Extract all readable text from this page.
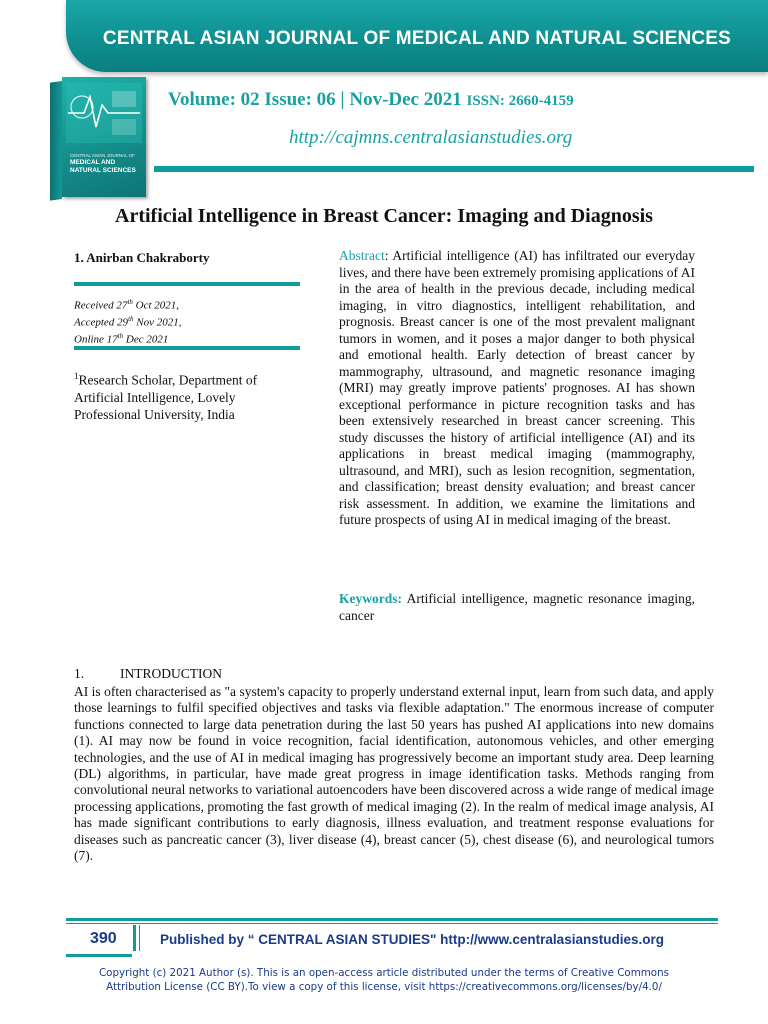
CENTRAL ASIAN JOURNAL OF MEDICAL AND NATURAL SCIENCES
CENTRAL ASIAN JOURNAL OF
MEDICAL AND
NATURAL SCIENCES
Volume: 02 Issue: 06 | Nov-Dec 2021 ISSN: 2660-4159
http://cajmns.centralasianstudies.org
Artificial Intelligence in Breast Cancer: Imaging and Diagnosis
1. Anirban Chakraborty
Received 27th Oct 2021,
Accepted 29th Nov 2021,
Online 17th Dec 2021
$^1$Research Scholar, Department of Artificial Intelligence, Lovely Professional University, India
Abstract: Artificial intelligence (AI) has infiltrated our everyday lives, and there have been extremely promising applications of AI in the area of health in the previous decade, including medical imaging, in vitro diagnostics, intelligent rehabilitation, and prognosis. Breast cancer is one of the most prevalent malignant tumors in women, and it poses a major danger to both physical and emotional health. Early detection of breast cancer by mammography, ultrasound, and magnetic resonance imaging (MRI) may greatly improve patients' prognoses. AI has shown exceptional performance in picture recognition tasks and has been extensively researched in breast cancer screening. This study discusses the history of artificial intelligence (AI) and its applications in breast medical imaging (mammography, ultrasound, and MRI), such as lesion recognition, segmentation, and classification; breast density evaluation; and breast cancer risk assessment. In addition, we examine the limitations and future prospects of using AI in medical imaging of the breast.
Keywords: Artificial intelligence, magnetic resonance imaging, cancer
1.	INTRODUCTION
AI is often characterised as "a system's capacity to properly understand external input, learn from such data, and apply those learnings to fulfil specified objectives and tasks via flexible adaptation." The enormous increase of computer functions connected to large data penetration during the last 50 years has pushed AI applications into new domains (1). AI may now be found in voice recognition, facial identification, autonomous vehicles, and other emerging technologies, and the use of AI in medical imaging has progressively become an important study area. Deep learning (DL) algorithms, in particular, have made great progress in image identification tasks. Methods ranging from convolutional neural networks to variational autoencoders have been discovered across a wide range of medical image processing applications, promoting the fast growth of medical imaging (2). In the realm of medical image analysis, AI has made significant contributions to early diagnosis, illness evaluation, and treatment response evaluations for diseases such as pancreatic cancer (3), liver disease (4), breast cancer (5), chest disease (6), and neurological tumors (7).
390	Published by “ CENTRAL ASIAN STUDIES" http://www.centralasianstudies.org
Copyright (c) 2021 Author (s). This is an open-access article distributed under the terms of Creative Commons
Attribution License (CC BY).To view a copy of this license, visit https://creativecommons.org/licenses/by/4.0/
